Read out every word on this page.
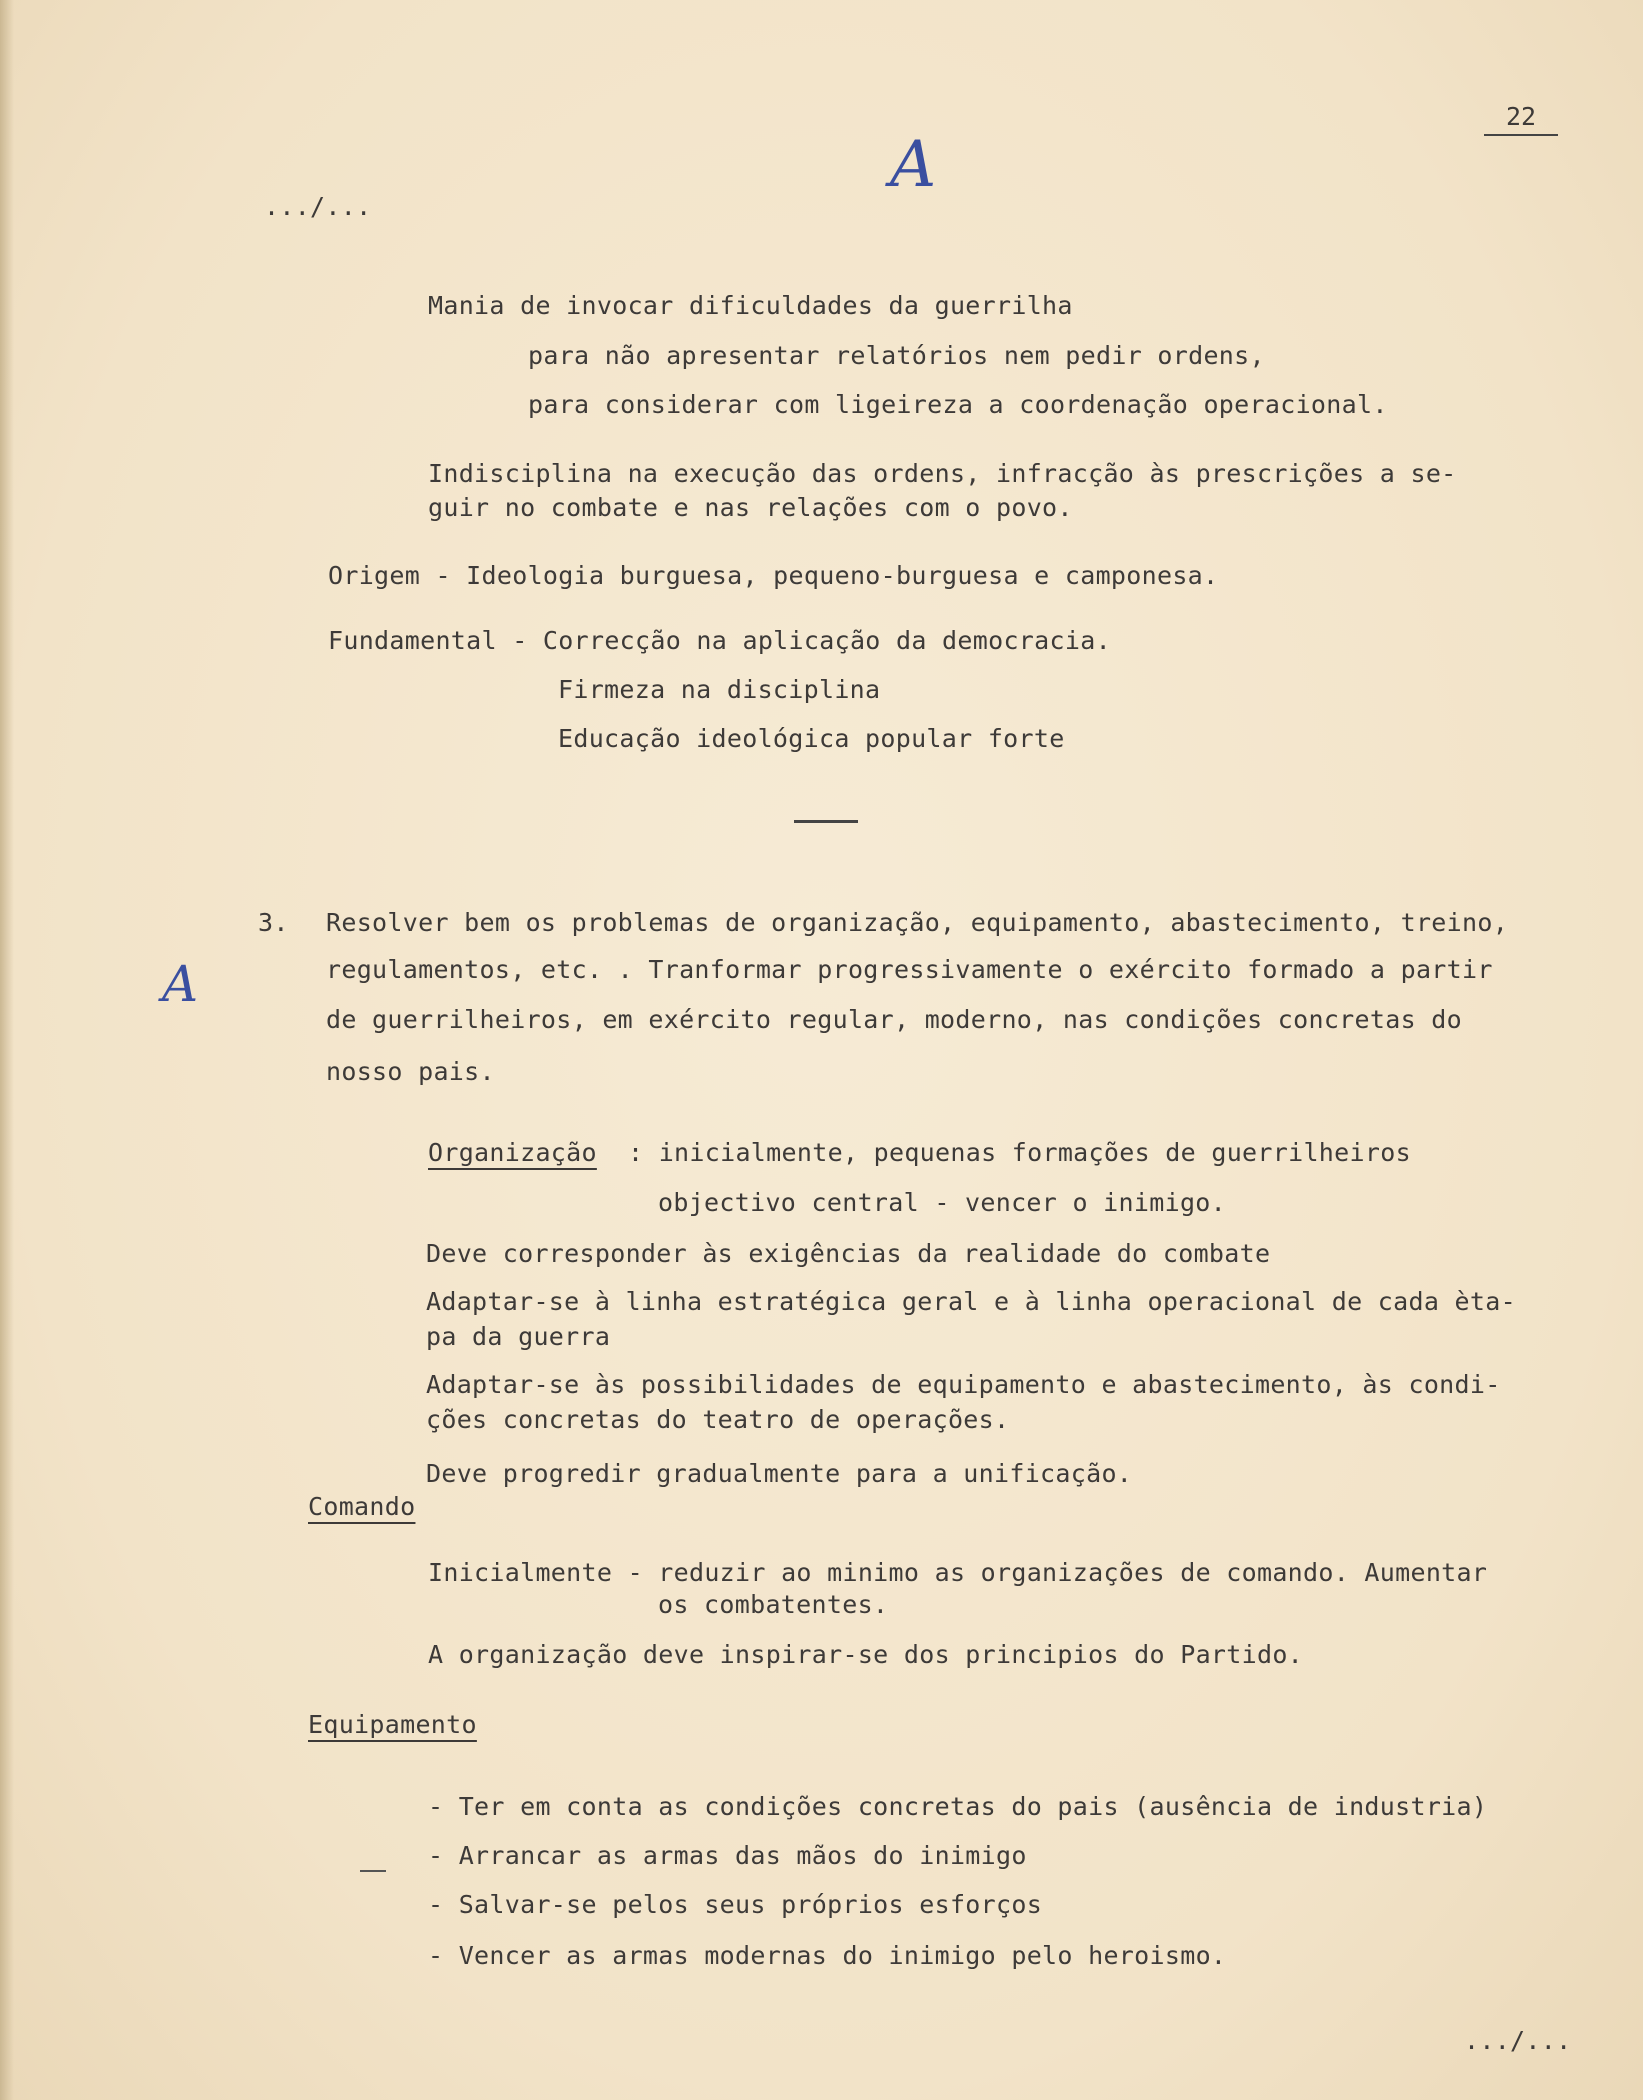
.../...
22
A
Mania de invocar dificuldades da guerrilha
para não apresentar relatórios nem pedir ordens,
para considerar com ligeireza a coordenação operacional.
Indisciplina na execução das ordens, infracção às prescrições a se-
guir no combate e nas relações com o povo.
Origem - Ideologia burguesa, pequeno-burguesa e camponesa.
Fundamental - Correcção na aplicação da democracia.
Firmeza na disciplina
Educação ideológica popular forte
3.
A
Resolver bem os problemas de organização, equipamento, abastecimento, treino,
regulamentos, etc. . Tranformar progressivamente o exército formado a partir
de guerrilheiros, em exército regular, moderno, nas condições concretas do
nosso pais.
Organização : inicialmente, pequenas formações de guerrilheiros
objectivo central - vencer o inimigo.
Deve corresponder às exigências da realidade do combate
Adaptar-se à linha estratégica geral e à linha operacional de cada èta-
pa da guerra
Adaptar-se às possibilidades de equipamento e abastecimento, às condi-
ções concretas do teatro de operações.
Deve progredir gradualmente para a unificação.
Comando
Inicialmente - reduzir ao minimo as organizações de comando. Aumentar
os combatentes.
A organização deve inspirar-se dos principios do Partido.
Equipamento
- Ter em conta as condições concretas do pais (ausência de industria)
- Arrancar as armas das mãos do inimigo
- Salvar-se pelos seus próprios esforços
- Vencer as armas modernas do inimigo pelo heroismo.
.../...
